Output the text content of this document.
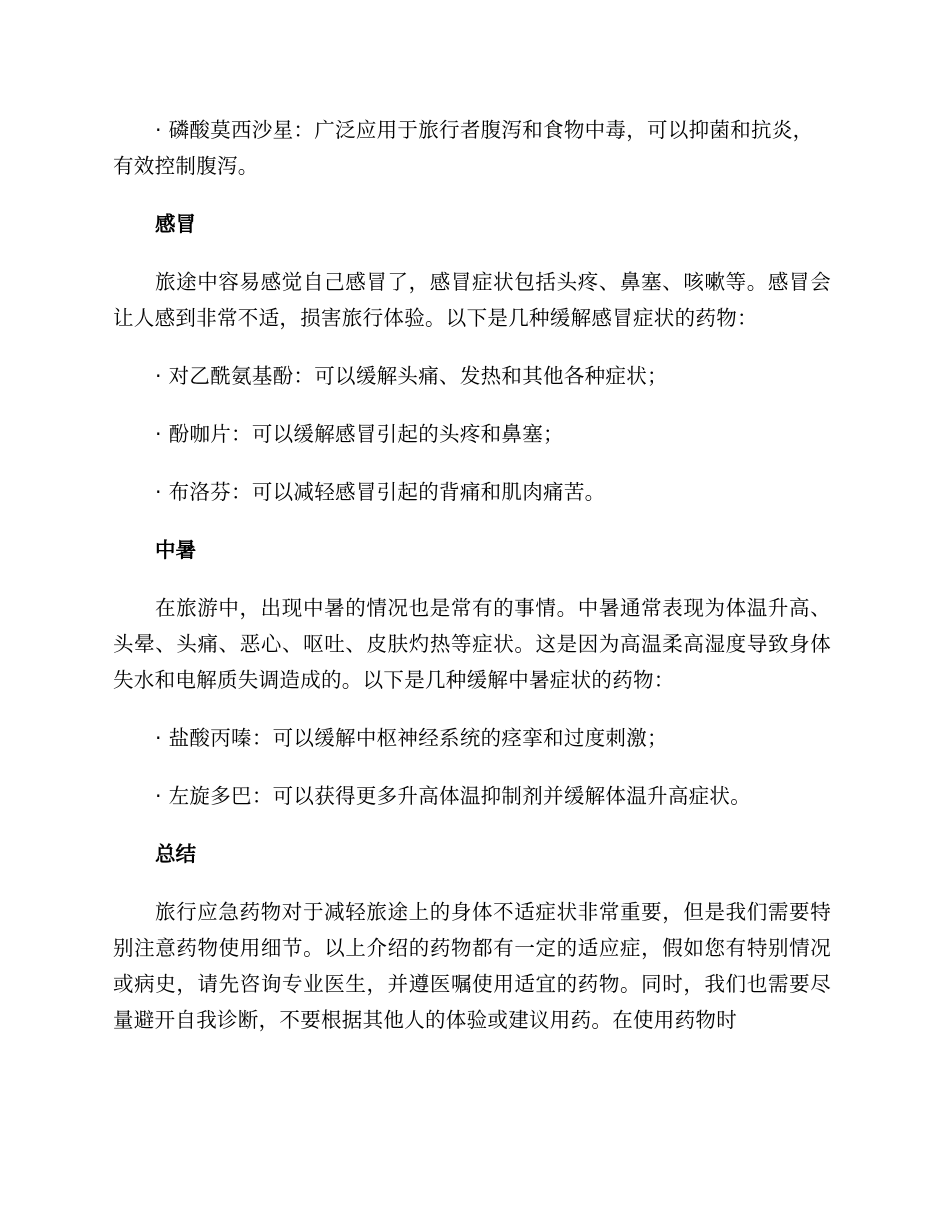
· 磷酸莫西沙星：广泛应用于旅行者腹泻和食物中毒，可以抑菌和抗炎，有效控制腹泻。

感冒

旅途中容易感觉自己感冒了，感冒症状包括头疼、鼻塞、咳嗽等。感冒会让人感到非常不适，损害旅行体验。以下是几种缓解感冒症状的药物：

· 对乙酰氨基酚：可以缓解头痛、发热和其他各种症状；

· 酚咖片：可以缓解感冒引起的头疼和鼻塞；

· 布洛芬：可以减轻感冒引起的背痛和肌肉痛苦。

中暑

在旅游中，出现中暑的情况也是常有的事情。中暑通常表现为体温升高、头晕、头痛、恶心、呕吐、皮肤灼热等症状。这是因为高温柔高湿度导致身体失水和电解质失调造成的。以下是几种缓解中暑症状的药物：

· 盐酸丙嗪：可以缓解中枢神经系统的痉挛和过度刺激；

· 左旋多巴：可以获得更多升高体温抑制剂并缓解体温升高症状。

总结

旅行应急药物对于减轻旅途上的身体不适症状非常重要，但是我们需要特别注意药物使用细节。以上介绍的药物都有一定的适应症，假如您有特别情况或病史，请先咨询专业医生，并遵医嘱使用适宜的药物。同时，我们也需要尽量避开自我诊断，不要根据其他人的体验或建议用药。在使用药物时
